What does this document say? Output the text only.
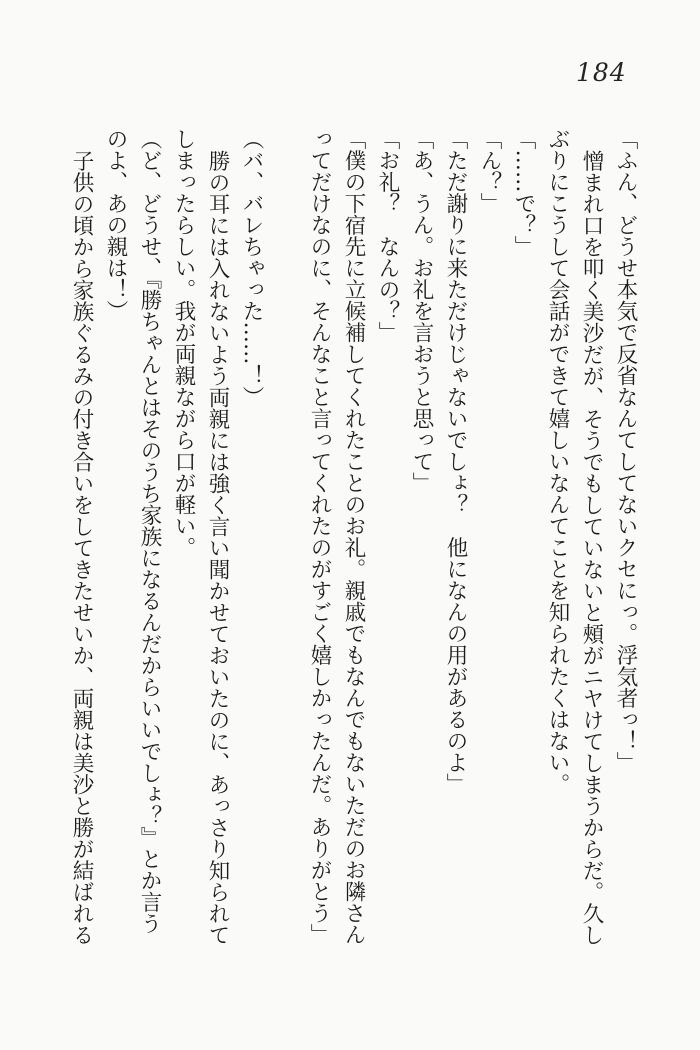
184

「ふん、どうせ本気で反省なんてしてないクセにっ。浮気者っ！」

憎まれ口を叩く美沙だが、そうでもしていないと頰がニヤけてしまうからだ。久しぶりにこうして会話ができて嬉しいなんてことを知られたくはない。

「……で？」

「ん？」

「ただ謝りに来ただけじゃないでしょ？　他になんの用があるのよ」

「あ、うん。お礼を言おうと思って」

「お礼？　なんの？」

「僕の下宿先に立候補してくれたことのお礼。親戚でもなんでもないただのお隣さんってだけなのに、そんなこと言ってくれたのがすごく嬉しかったんだ。ありがとう」

（バ、バレちゃった……！）

勝の耳には入れないよう両親には強く言い聞かせておいたのに、あっさり知られてしまったらしい。我が両親ながら口が軽い。

（ど、どうせ、『勝ちゃんとはそのうち家族になるんだからいいでしょ？』とか言うのよ、あの親は！）

子供の頃から家族ぐるみの付き合いをしてきたせいか、両親は美沙と勝が結ばれる
